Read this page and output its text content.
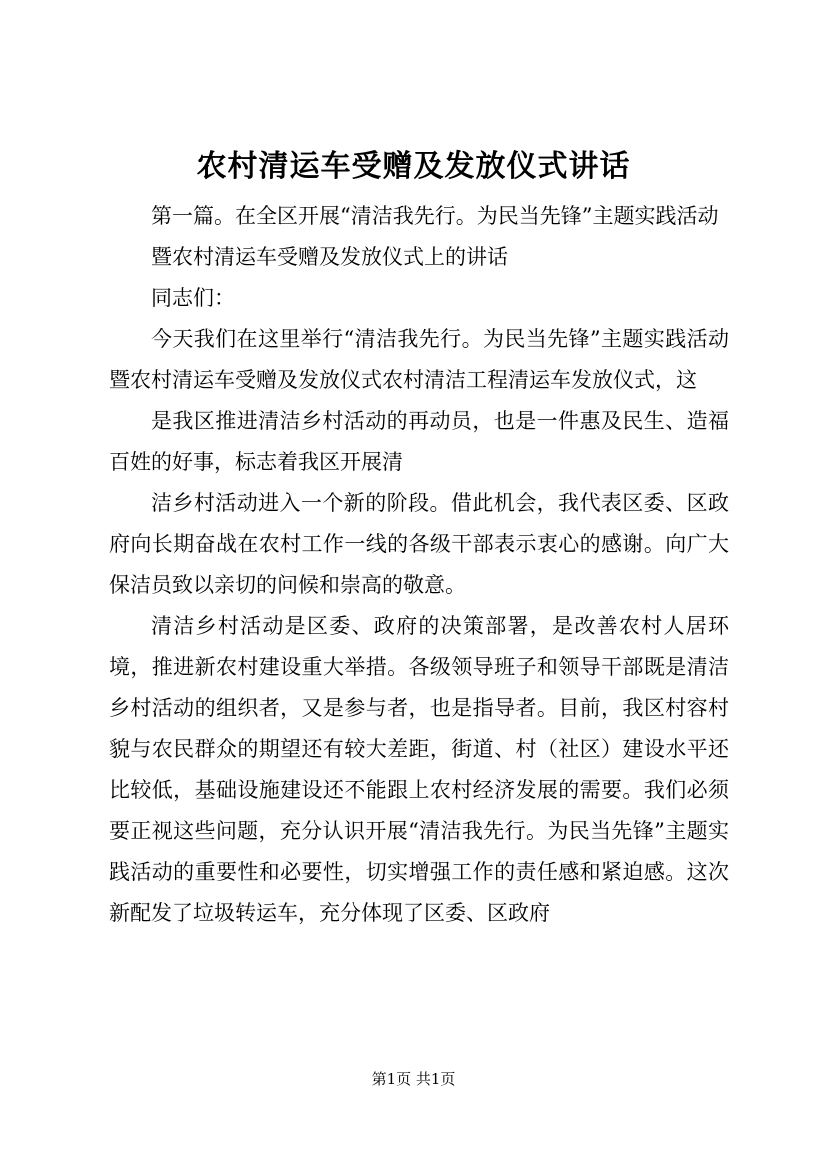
农村清运车受赠及发放仪式讲话

第一篇。在全区开展“清洁我先行。为民当先锋”主题实践活动

暨农村清运车受赠及发放仪式上的讲话

同志们：

今天我们在这里举行“清洁我先行。为民当先锋”主题实践活动暨农村清运车受赠及发放仪式农村清洁工程清运车发放仪式，这

是我区推进清洁乡村活动的再动员，也是一件惠及民生、造福百姓的好事，标志着我区开展清

洁乡村活动进入一个新的阶段。借此机会，我代表区委、区政府向长期奋战在农村工作一线的各级干部表示衷心的感谢。向广大保洁员致以亲切的问候和崇高的敬意。

清洁乡村活动是区委、政府的决策部署，是改善农村人居环境，推进新农村建设重大举措。各级领导班子和领导干部既是清洁乡村活动的组织者，又是参与者，也是指导者。目前，我区村容村貌与农民群众的期望还有较大差距，街道、村（社区）建设水平还比较低，基础设施建设还不能跟上农村经济发展的需要。我们必须要正视这些问题，充分认识开展“清洁我先行。为民当先锋”主题实践活动的重要性和必要性，切实增强工作的责任感和紧迫感。这次新配发了垃圾转运车，充分体现了区委、区政府

第1页 共1页
